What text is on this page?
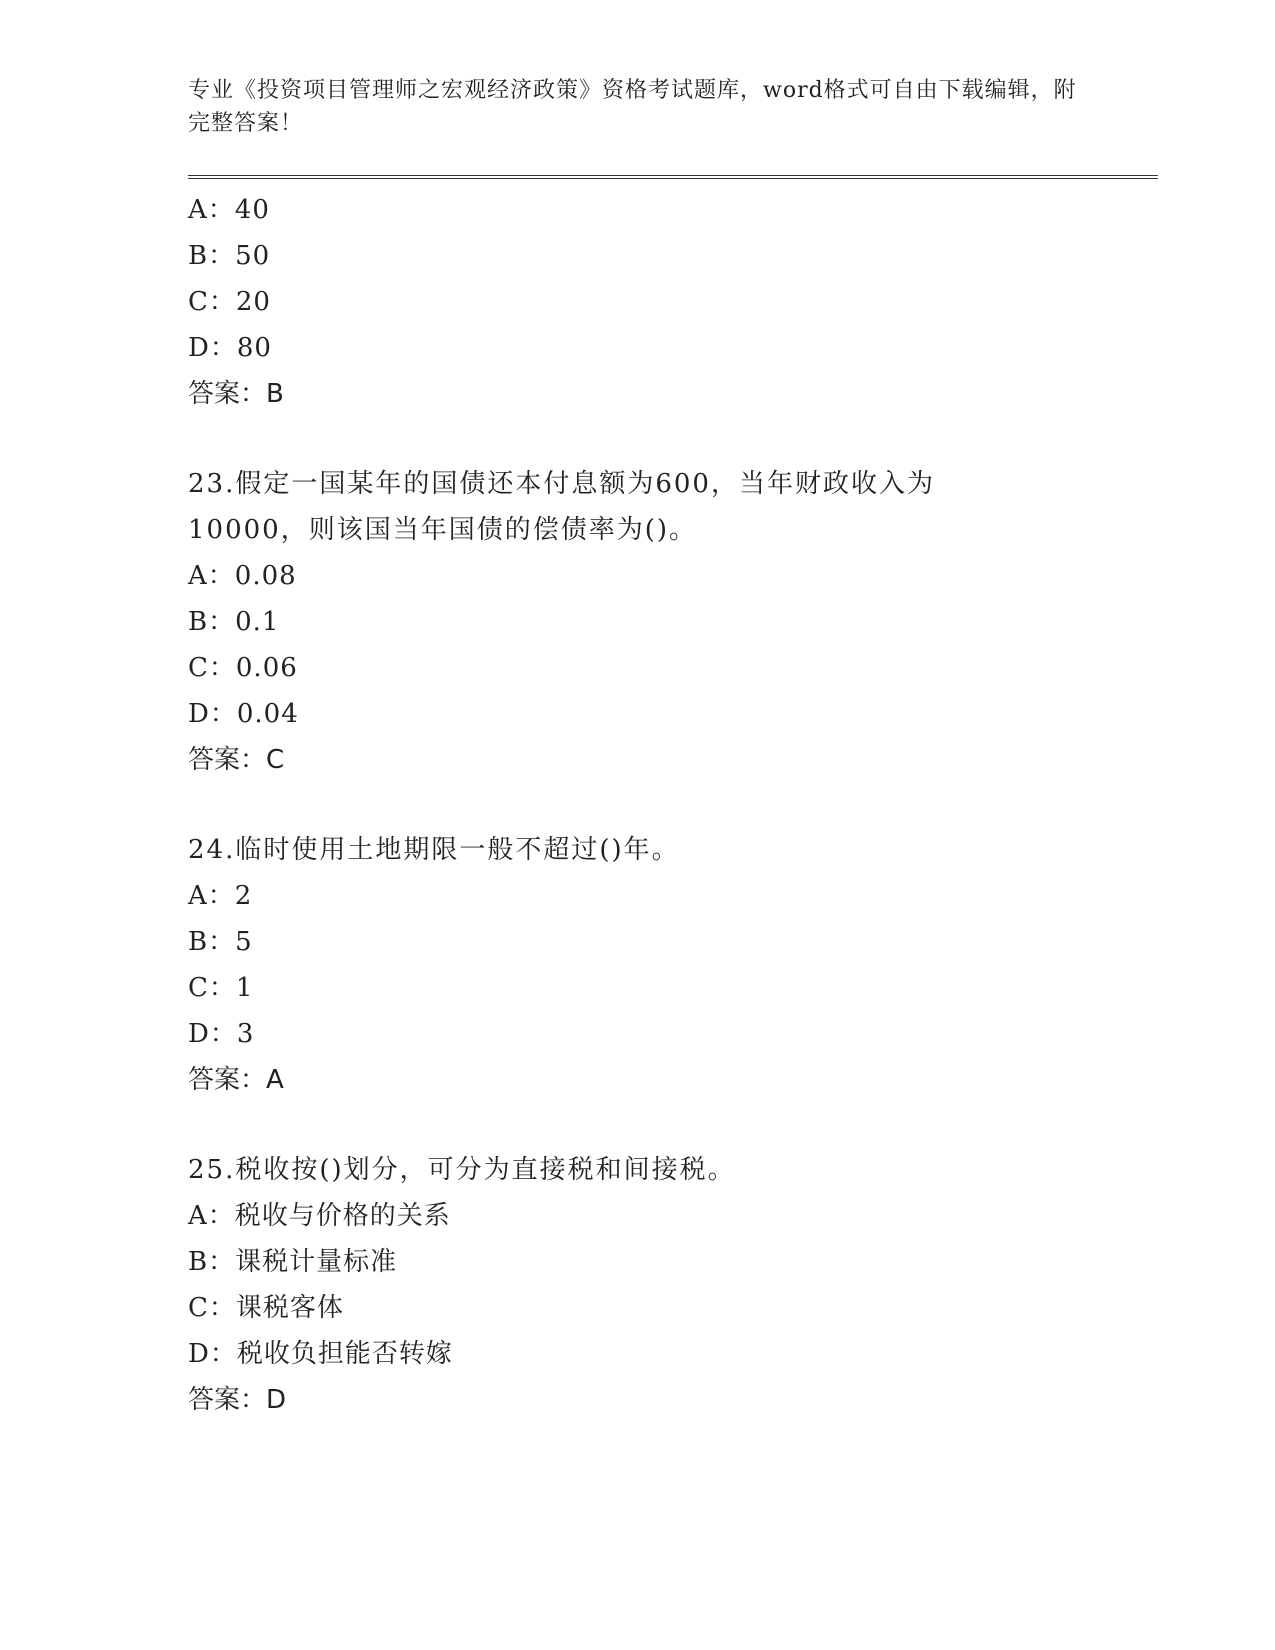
专业《投资项目管理师之宏观经济政策》资格考试题库，word格式可自由下载编辑，附完整答案！

A：40
B：50
C：20
D：80
答案：B
23.假定一国某年的国债还本付息额为600，当年财政收入为10000，则该国当年国债的偿债率为()。
A：0.08
B：0.1
C：0.06
D：0.04
答案：C
24.临时使用土地期限一般不超过()年。
A：2
B：5
C：1
D：3
答案：A
25.税收按()划分，可分为直接税和间接税。
A：税收与价格的关系
B：课税计量标准
C：课税客体
D：税收负担能否转嫁
答案：D
